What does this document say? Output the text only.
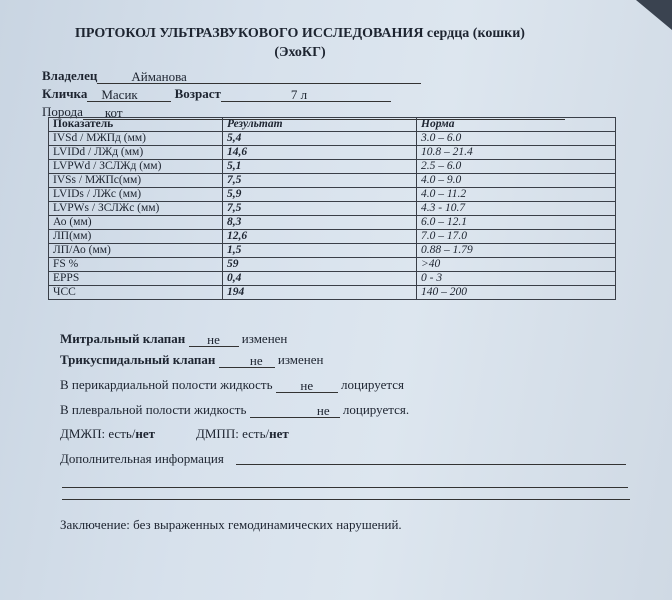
ПРОТОКОЛ УЛЬТРАЗВУКОВОГО ИССЛЕДОВАНИЯ сердца (кошки)
(ЭхоКГ)
Владелец	Айманова
Кличка Масик	Возраст	7 л
Порода кот
Показатель	Результат	Норма
IVSd / МЖПд (мм)	5,4	3.0 – 6.0
LVIDd / ЛЖд (мм)	14,6	10.8 – 21.4
LVPWd / ЗСЛЖд (мм)	5,1	2.5 – 6.0
IVSs / МЖПс(мм)	7,5	4.0 – 9.0
LVIDs / ЛЖс (мм)	5,9	4.0 – 11.2
LVPWs / ЗСЛЖс (мм)	7,5	4.3 - 10.7
Ао (мм)	8,3	6.0 – 12.1
ЛП(мм)	12,6	7.0 – 17.0
ЛП/Ао (мм)	1,5	0.88 – 1.79
FS %	59	>40
EPPS	0,4	0 - 3
ЧСС	194	140 – 200
Митральный клапан не изменен
Трикуспидальный клапан	не изменен
В перикардиальной полости жидкость не лоцируется
В плевральной полости жидкость	не лоцируется.
ДМЖП: есть/нет	ДМПП: есть/нет
Дополнительная информация
Заключение: без выраженных гемодинамических нарушений.
